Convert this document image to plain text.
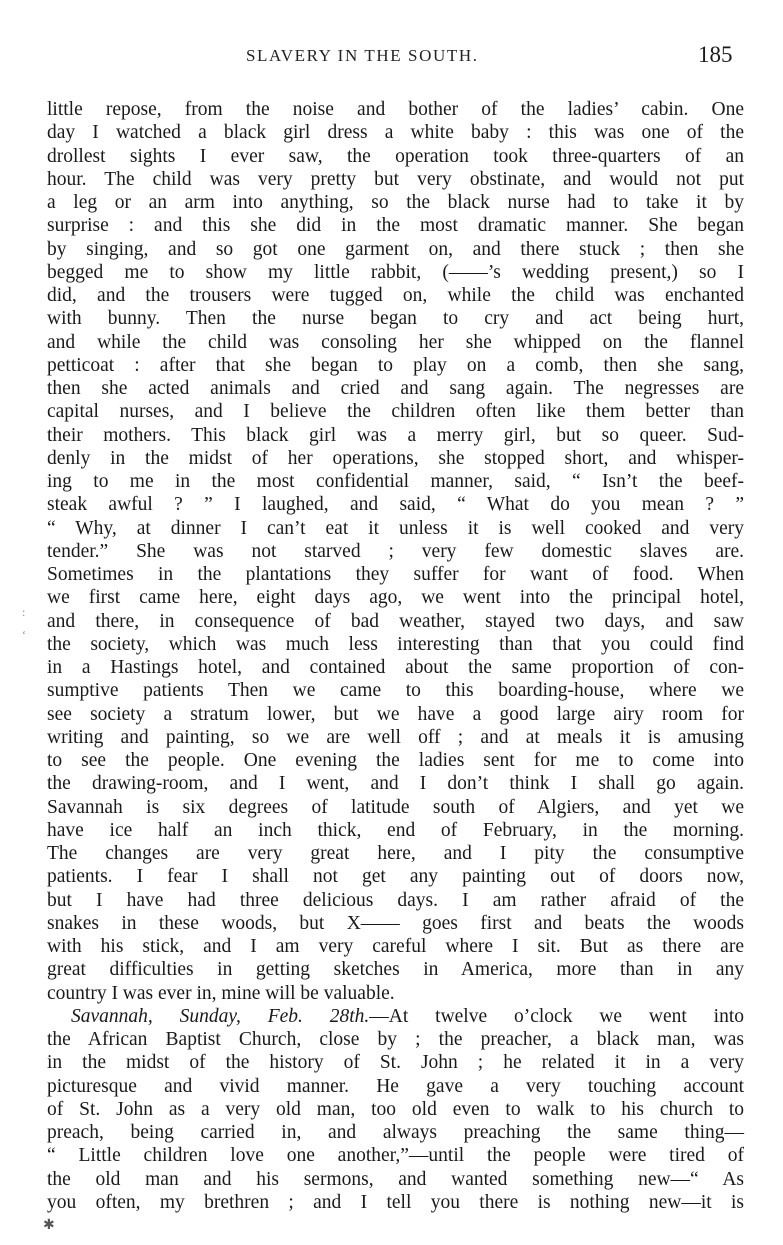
SLAVERY IN THE SOUTH.	185
little repose, from the noise and bother of the ladies’ cabin. One
day I watched a black girl dress a white baby : this was one of the
drollest sights I ever saw, the operation took three-quarters of an
hour. The child was very pretty but very obstinate, and would not put
a leg or an arm into anything, so the black nurse had to take it by
surprise : and this she did in the most dramatic manner. She began
by singing, and so got one garment on, and there stuck ; then she
begged me to show my little rabbit, (——’s wedding present,) so I
did, and the trousers were tugged on, while the child was enchanted
with bunny. Then the nurse began to cry and act being hurt,
and while the child was consoling her she whipped on the flannel
petticoat : after that she began to play on a comb, then she sang,
then she acted animals and cried and sang again. The negresses are
capital nurses, and I believe the children often like them better than
their mothers. This black girl was a merry girl, but so queer. Sud-
denly in the midst of her operations, she stopped short, and whisper-
ing to me in the most confidential manner, said, “ Isn’t the beef-
steak awful ? ” I laughed, and said, “ What do you mean ? ”
“ Why, at dinner I can’t eat it unless it is well cooked and very
tender.” She was not starved ; very few domestic slaves are.
Sometimes in the plantations they suffer for want of food. When
we first came here, eight days ago, we went into the principal hotel,
and there, in consequence of bad weather, stayed two days, and saw
the society, which was much less interesting than that you could find
in a Hastings hotel, and contained about the same proportion of con-
sumptive patients Then we came to this boarding-house, where we
see society a stratum lower, but we have a good large airy room for
writing and painting, so we are well off ; and at meals it is amusing
to see the people. One evening the ladies sent for me to come into
the drawing-room, and I went, and I don’t think I shall go again.
Savannah is six degrees of latitude south of Algiers, and yet we
have ice half an inch thick, end of February, in the morning.
The changes are very great here, and I pity the consumptive
patients. I fear I shall not get any painting out of doors now,
but I have had three delicious days. I am rather afraid of the
snakes in these woods, but X—— goes first and beats the woods
with his stick, and I am very careful where I sit. But as there are
great difficulties in getting sketches in America, more than in any
country I was ever in, mine will be valuable.
Savannah, Sunday, Feb. 28th.—At twelve o’clock we went into
the African Baptist Church, close by ; the preacher, a black man, was
in the midst of the history of St. John ; he related it in a very
picturesque and vivid manner. He gave a very touching account
of St. John as a very old man, too old even to walk to his church to
preach, being carried in, and always preaching the same thing—
“ Little children love one another,”—until the people were tired of
the old man and his sermons, and wanted something new—“ As
you often, my brethren ; and I tell you there is nothing new—it is
:
‘
✱
